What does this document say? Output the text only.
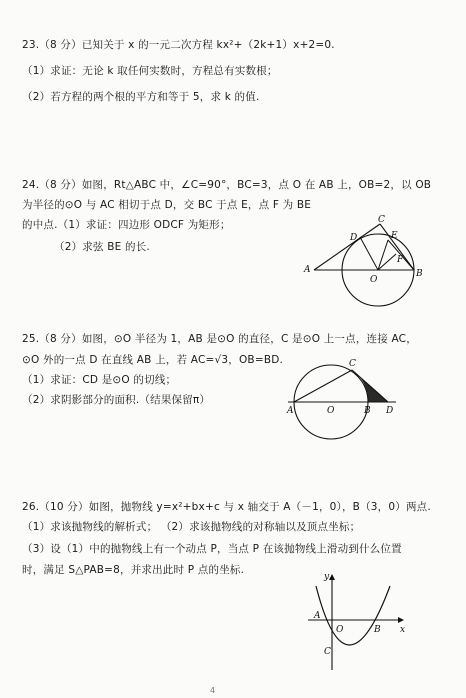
23.（8 分）已知关于 x 的一元二次方程 kx²+（2k+1）x+2=0.
（1）求证：无论 k 取任何实数时，方程总有实数根；
（2）若方程的两个根的平方和等于 5，求 k 的值.
24.（8 分）如图，Rt△ABC 中，∠C=90°，BC=3，点 O 在 AB 上，OB=2，以 OB
为半径的⊙O 与 AC 相切于点 D，交 BC 于点 E，点 F 为 BE
的中点.（1）求证：四边形 ODCF 为矩形；
（2）求弦 BE 的长.
A	B
C
D	E
F
O
25.（8 分）如图，⊙O 半径为 1，AB 是⊙O 的直径，C 是⊙O 上一点，连接 AC，
⊙O 外的一点 D 在直线 AB 上，若 AC=√3，OB=BD.
（1）求证：CD 是⊙O 的切线；
（2）求阴影部分的面积.（结果保留π）
A	O	B D
C
26.（10 分）如图，抛物线 y=x²+bx+c 与 x 轴交于 A（－1，0），B（3，0）两点.
（1）求该抛物线的解析式； （2）求该抛物线的对称轴以及顶点坐标；
（3）设（1）中的抛物线上有一个动点 P，当点 P 在该抛物线上滑动到什么位置
时，满足 S△PAB=8，并求出此时 P 点的坐标.
y
x
A
O	B
C
4
